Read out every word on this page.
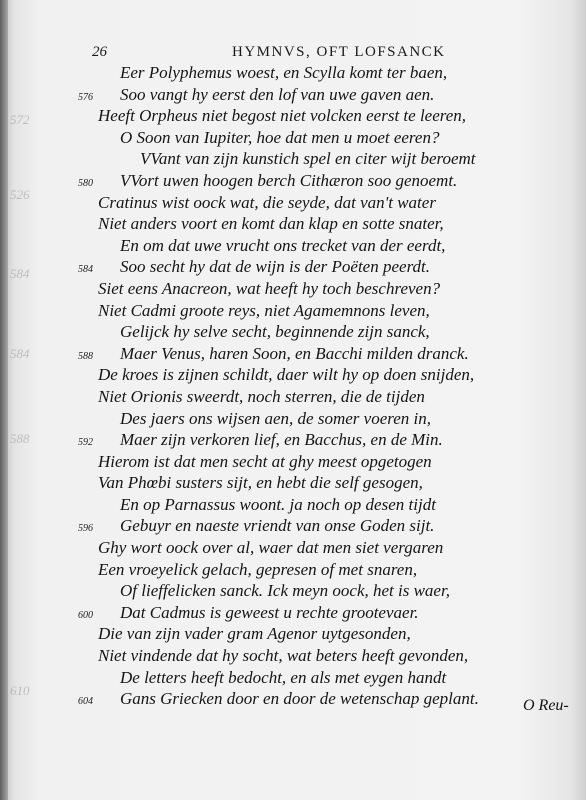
572
526
584
584
588
610
26	HYMNVS, OFT LOFSANCK
Eer Polyphemus woest, en Scylla komt ter baen,
576 Soo vangt hy eerst den lof van uwe gaven aen.
Heeft Orpheus niet begost niet volcken eerst te leeren,
O Soon van Iupiter, hoe dat men u moet eeren?
VVant van zijn kunstich spel en citer wijt beroemt
580 VVort uwen hoogen berch Cithæron soo genoemt.
Cratinus wist oock wat, die seyde, dat van't water
Niet anders voort en komt dan klap en sotte snater,
En om dat uwe vrucht ons trecket van der eerdt,
584 Soo secht hy dat de wijn is der Poëten peerdt.
Siet eens Anacreon, wat heeft hy toch beschreven?
Niet Cadmi groote reys, niet Agamemnons leven,
Gelijck hy selve secht, beginnende zijn sanck,
588 Maer Venus, haren Soon, en Bacchi milden dranck.
De kroes is zijnen schildt, daer wilt hy op doen snijden,
Niet Orionis sweerdt, noch sterren, die de tijden
Des jaers ons wijsen aen, de somer voeren in,
592 Maer zijn verkoren lief, en Bacchus, en de Min.
Hierom ist dat men secht at ghy meest opgetogen
Van Phœbi susters sijt, en hebt die self gesogen,
En op Parnassus woont. ja noch op desen tijdt
596 Gebuyr en naeste vriendt van onse Goden sijt.
Ghy wort oock over al, waer dat men siet vergaren
Een vroeyelick gelach, gepresen of met snaren,
Of lieffelicken sanck. Ick meyn oock, het is waer,
600 Dat Cadmus is geweest u rechte grootevaer.
Die van zijn vader gram Agenor uytgesonden,
Niet vindende dat hy socht, wat beters heeft gevonden,
De letters heeft bedocht, en als met eygen handt
604 Gans Griecken door en door de wetenschap geplant.	O Reu-
